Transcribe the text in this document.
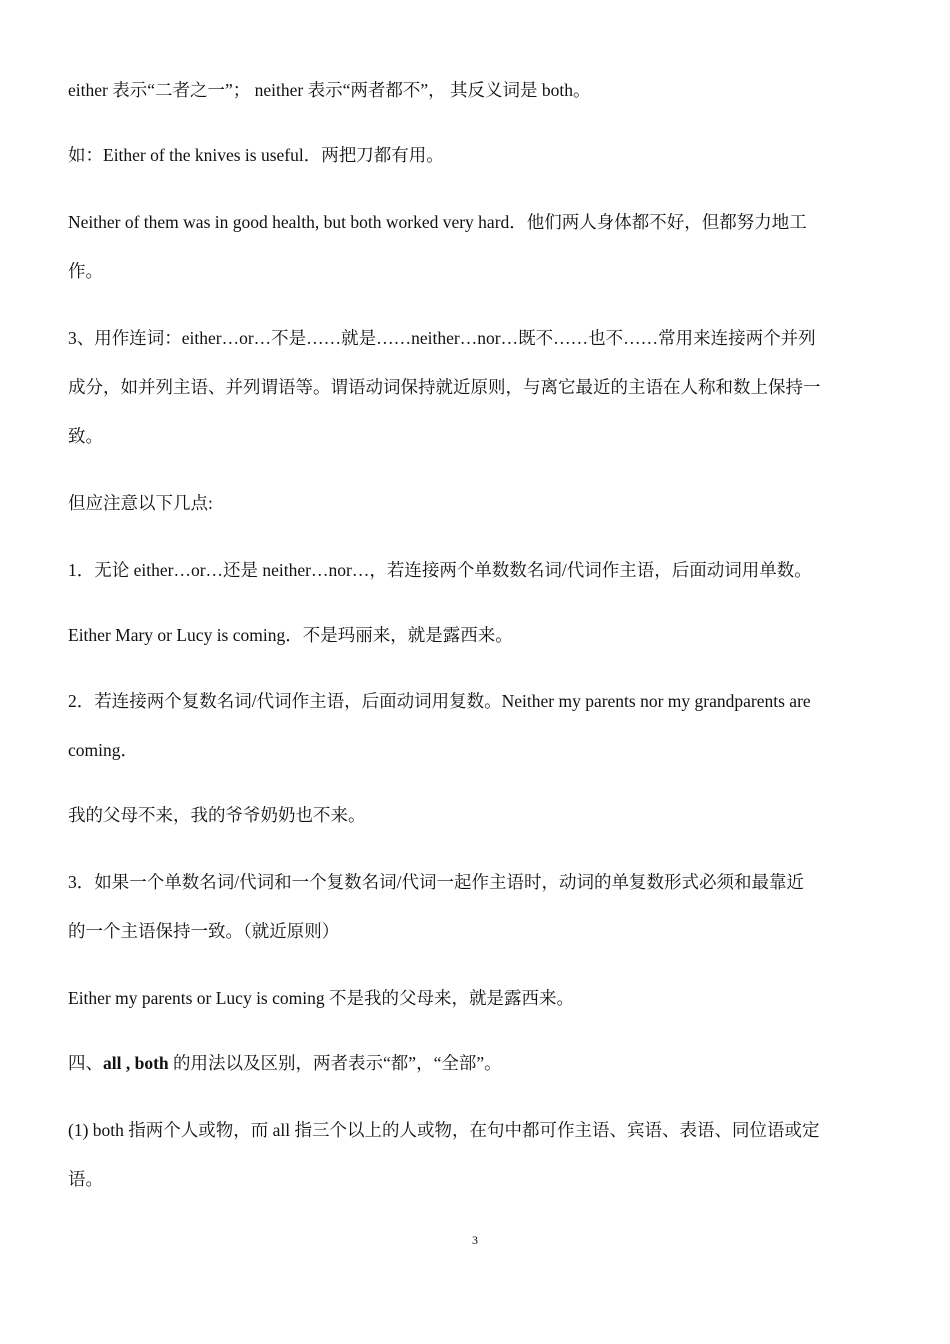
either 表示“二者之一”； neither 表示“两者都不”， 其反义词是 both。
如：Either of the knives is useful．两把刀都有用。
Neither of them was in good health, but both worked very hard．他们两人身体都不好，但都努力地工
作。
3、用作连词：either…or…不是……就是……neither…nor…既不……也不……常用来连接两个并列
成分，如并列主语、并列谓语等。谓语动词保持就近原则，与离它最近的主语在人称和数上保持一
致。
但应注意以下几点:
1．无论 either…or…还是 neither…nor…，若连接两个单数数名词/代词作主语，后面动词用单数。
Either Mary or Lucy is coming．不是玛丽来，就是露西来。
2．若连接两个复数名词/代词作主语，后面动词用复数。Neither my parents nor my grandparents are
coming．
我的父母不来，我的爷爷奶奶也不来。
3．如果一个单数名词/代词和一个复数名词/代词一起作主语时，动词的单复数形式必须和最靠近
的一个主语保持一致。（就近原则）
Either my parents or Lucy is coming 不是我的父母来，就是露西来。
四、all , both 的用法以及区别，两者表示“都”，“全部”。
(1) both 指两个人或物，而 all 指三个以上的人或物，在句中都可作主语、宾语、表语、同位语或定
语。
3
